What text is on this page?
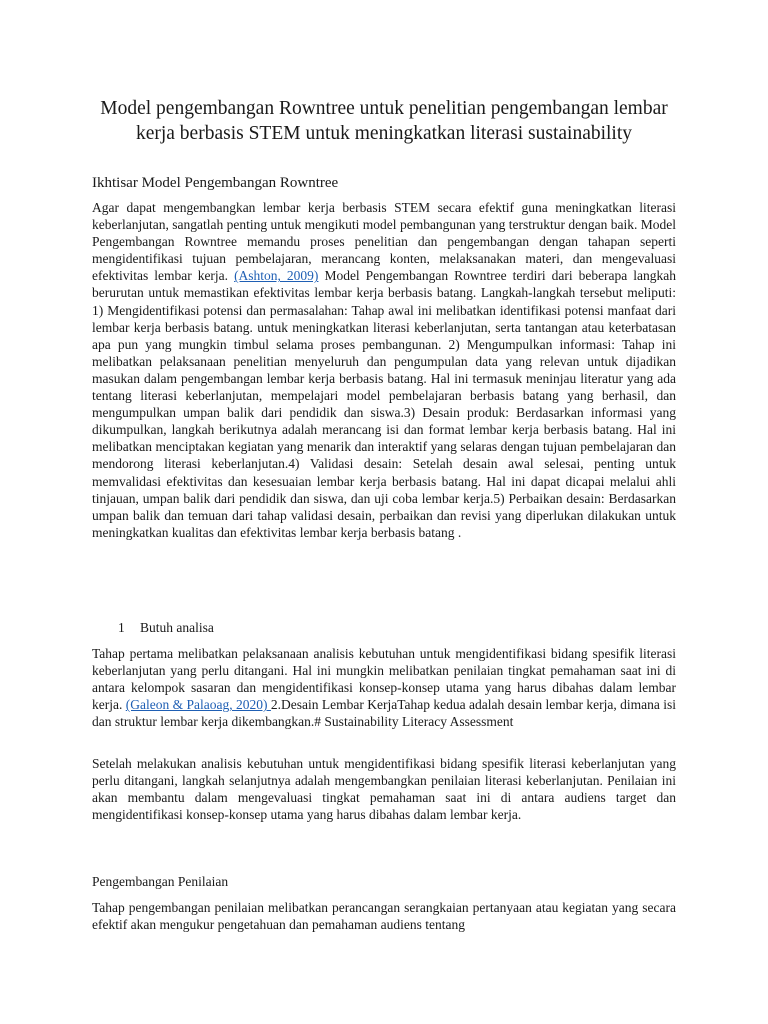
Model pengembangan Rowntree untuk penelitian pengembangan lembar kerja berbasis STEM untuk meningkatkan literasi sustainability
Ikhtisar Model Pengembangan Rowntree

Agar dapat mengembangkan lembar kerja berbasis STEM secara efektif guna meningkatkan literasi keberlanjutan, sangatlah penting untuk mengikuti model pembangunan yang terstruktur dengan baik. Model Pengembangan Rowntree memandu proses penelitian dan pengembangan dengan tahapan seperti mengidentifikasi tujuan pembelajaran, merancang konten, melaksanakan materi, dan mengevaluasi efektivitas lembar kerja. (Ashton, 2009) Model Pengembangan Rowntree terdiri dari beberapa langkah berurutan untuk memastikan efektivitas lembar kerja berbasis batang. Langkah-langkah tersebut meliputi: 1) Mengidentifikasi potensi dan permasalahan: Tahap awal ini melibatkan identifikasi potensi manfaat dari lembar kerja berbasis batang. untuk meningkatkan literasi keberlanjutan, serta tantangan atau keterbatasan apa pun yang mungkin timbul selama proses pembangunan. 2) Mengumpulkan informasi: Tahap ini melibatkan pelaksanaan penelitian menyeluruh dan pengumpulan data yang relevan untuk dijadikan masukan dalam pengembangan lembar kerja berbasis batang. Hal ini termasuk meninjau literatur yang ada tentang literasi keberlanjutan, mempelajari model pembelajaran berbasis batang yang berhasil, dan mengumpulkan umpan balik dari pendidik dan siswa.3) Desain produk: Berdasarkan informasi yang dikumpulkan, langkah berikutnya adalah merancang isi dan format lembar kerja berbasis batang. Hal ini melibatkan menciptakan kegiatan yang menarik dan interaktif yang selaras dengan tujuan pembelajaran dan mendorong literasi keberlanjutan.4) Validasi desain: Setelah desain awal selesai, penting untuk memvalidasi efektivitas dan kesesuaian lembar kerja berbasis batang. Hal ini dapat dicapai melalui ahli tinjauan, umpan balik dari pendidik dan siswa, dan uji coba lembar kerja.5) Perbaikan desain: Berdasarkan umpan balik dan temuan dari tahap validasi desain, perbaikan dan revisi yang diperlukan dilakukan untuk meningkatkan kualitas dan efektivitas lembar kerja berbasis batang .

1 Butuh analisa

Tahap pertama melibatkan pelaksanaan analisis kebutuhan untuk mengidentifikasi bidang spesifik literasi keberlanjutan yang perlu ditangani. Hal ini mungkin melibatkan penilaian tingkat pemahaman saat ini di antara kelompok sasaran dan mengidentifikasi konsep-konsep utama yang harus dibahas dalam lembar kerja. (Galeon & Palaoag, 2020) 2.Desain Lembar KerjaTahap kedua adalah desain lembar kerja, dimana isi dan struktur lembar kerja dikembangkan.# Sustainability Literacy Assessment

Setelah melakukan analisis kebutuhan untuk mengidentifikasi bidang spesifik literasi keberlanjutan yang perlu ditangani, langkah selanjutnya adalah mengembangkan penilaian literasi keberlanjutan. Penilaian ini akan membantu dalam mengevaluasi tingkat pemahaman saat ini di antara audiens target dan mengidentifikasi konsep-konsep utama yang harus dibahas dalam lembar kerja.

Pengembangan Penilaian

Tahap pengembangan penilaian melibatkan perancangan serangkaian pertanyaan atau kegiatan yang secara efektif akan mengukur pengetahuan dan pemahaman audiens tentang
